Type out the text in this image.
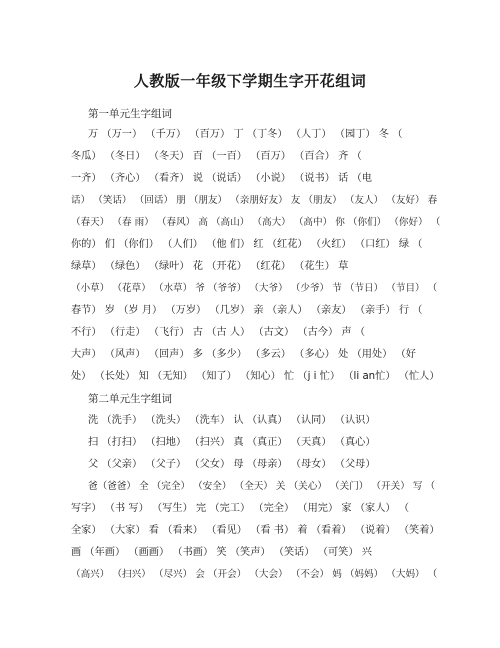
人教版一年级下学期生字开花组词
第一单元生字组词
万 （万一） （千万） （百万） 丁 （丁冬） （人丁） （园丁） 冬 （
冬瓜） （冬日） （冬天） 百 （一百） （百万） （百合） 齐 （
一齐） （齐心） （看齐） 说 （说话） （小说） （说书） 话 （电
话） （笑话） （回话） 朋 （朋友） （亲朋好友） 友 （朋友） （友人） （友好） 春
（春天） （春 雨） （春风） 高 （高山） （高大） （高中） 你 （你们） （你好） （
你的） 们 （你们） （人们） （他 们） 红 （红花） （火红） （口红） 绿 （
绿草） （绿色） （绿叶） 花 （开花） （红花） （花生） 草
（小草） （花草） （水草） 爷 （爷爷） （大爷） （少爷） 节 （节日） （节目） （
春节） 岁 （岁 月） （万岁） （几岁） 亲 （亲人） （亲友） （亲手） 行 （
不行） （行走） （飞行） 古 （古 人） （古文） （古今） 声 （
大声） （风声） （回声） 多 （多少） （多云） （多心） 处 （用处） （好
处） （长处） 知 （无知） （知了） （知心） 忙 （j i 忙） （li an忙） （忙人）
第二单元生字组词
洗 （洗手） （洗头） （洗车） 认 （认真） （认同） （认识）
扫 （打扫） （扫地） （扫兴） 真 （真正） （天真） （真心）
父 （父亲） （父子） （父女） 母 （母亲） （母女） （父母）
爸（爸爸） 全 （完全） （安全） （全天） 关 （关心） （关门） （开关） 写 （
写字） （书 写） （写生） 完 （完工） （完全） （用完） 家 （家人） （
全家） （大家） 看 （看来） （看见） （看 书） 着 （看着） （说着） （笑着）
画 （年画） （画画） （书画） 笑 （笑声） （笑话） （可笑） 兴
（高兴） （扫兴） （尽兴） 会 （开会） （大会） （不会） 妈 （妈妈） （大妈） （
